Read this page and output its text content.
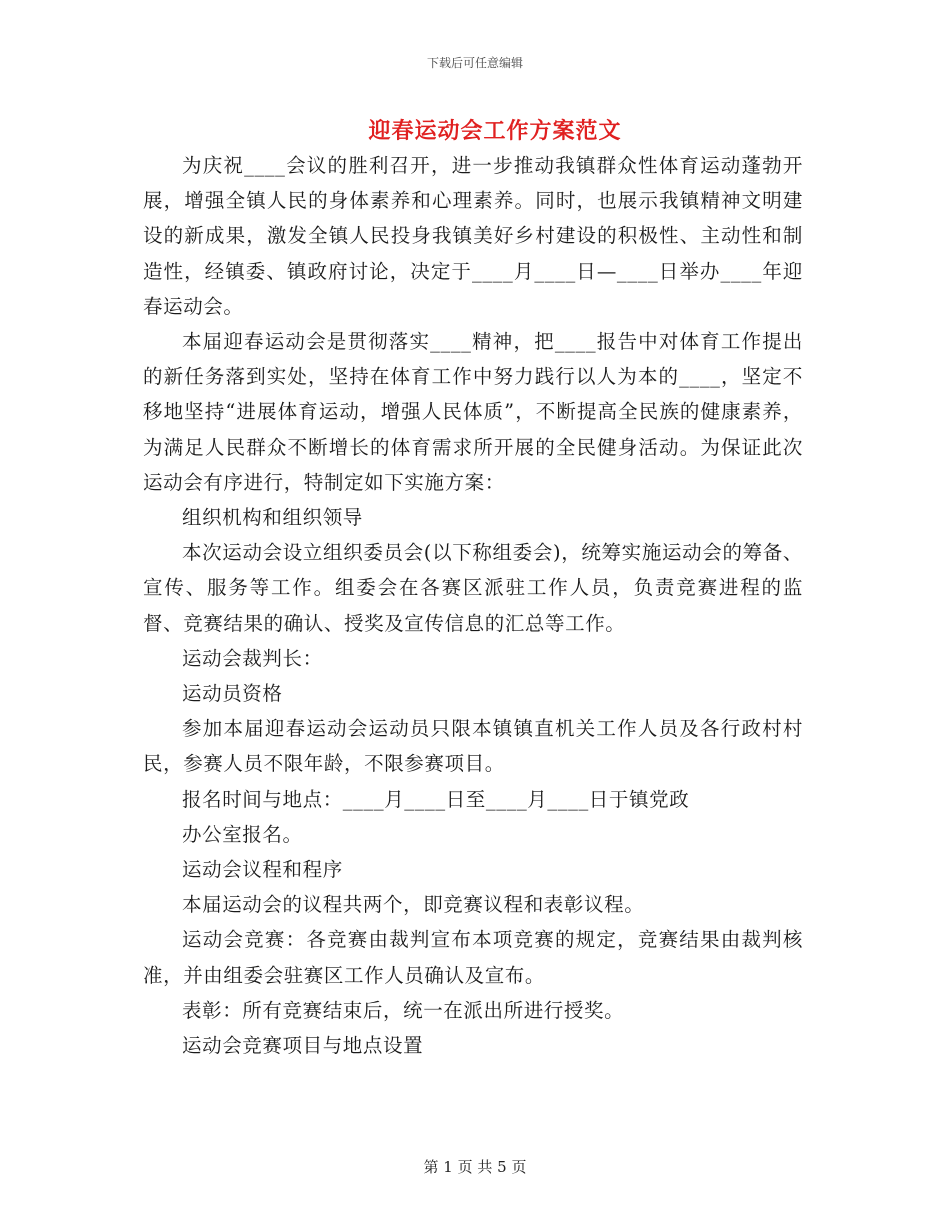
下载后可任意编辑
迎春运动会工作方案范文

为庆祝____会议的胜利召开，进一步推动我镇群众性体育运动蓬勃开展，增强全镇人民的身体素养和心理素养。同时，也展示我镇精神文明建设的新成果，激发全镇人民投身我镇美好乡村建设的积极性、主动性和制造性，经镇委、镇政府讨论，决定于____月____日—____日举办____年迎春运动会。

本届迎春运动会是贯彻落实____精神，把____报告中对体育工作提出的新任务落到实处，坚持在体育工作中努力践行以人为本的____，坚定不移地坚持“进展体育运动，增强人民体质”，不断提高全民族的健康素养，为满足人民群众不断增长的体育需求所开展的全民健身活动。为保证此次运动会有序进行，特制定如下实施方案：

组织机构和组织领导

本次运动会设立组织委员会(以下称组委会)，统筹实施运动会的筹备、宣传、服务等工作。组委会在各赛区派驻工作人员，负责竞赛进程的监督、竞赛结果的确认、授奖及宣传信息的汇总等工作。

运动会裁判长：

运动员资格

参加本届迎春运动会运动员只限本镇镇直机关工作人员及各行政村村民，参赛人员不限年龄，不限参赛项目。

报名时间与地点：____月____日至____月____日于镇党政

办公室报名。

运动会议程和程序

本届运动会的议程共两个，即竞赛议程和表彰议程。

运动会竞赛：各竞赛由裁判宣布本项竞赛的规定，竞赛结果由裁判核准，并由组委会驻赛区工作人员确认及宣布。

表彰：所有竞赛结束后，统一在派出所进行授奖。

运动会竞赛项目与地点设置

第 1 页 共 5 页
